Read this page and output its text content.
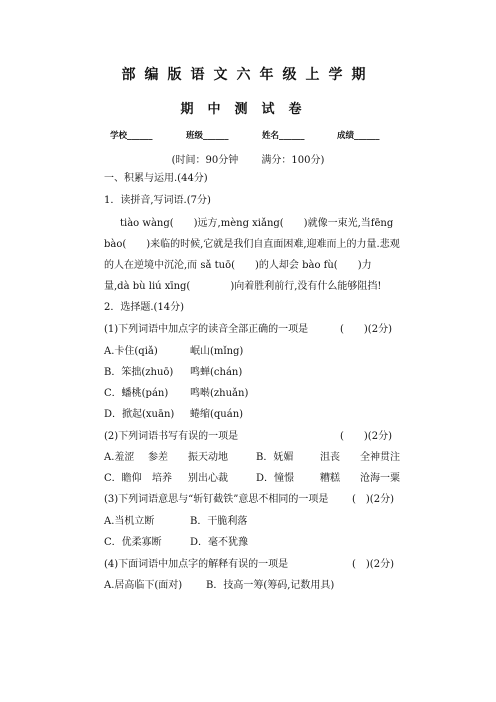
部编版语文六年级上学期
期中测试卷
学校______	班级______	姓名______	成绩______
(时间：90分钟 满分：100分)
一、积累与运用.(44分)
1．读拼音,写词语.(7分)
tiào wàng(　　)远方,mèng xiǎng(　　)就像一束光,当fēng
bào(　　)来临的时候,它就是我们自直面困难,迎难而上的力量.悲观
的人在逆境中沉沦,而 sǎ tuō(　　)的人却会 bào fù(　　)力
量,dà bù liú xīng(　　　　)向着胜利前行,没有什么能够阻挡!
2．选择题.(14分)
(1)下列词语中加点字的读音全部正确的一项是	(　　)(2分)
A.卡住(qiǎ)	岷山(mǐng)
B．笨拙(zhuō) 鸣蝉(chán)
C．蟠桃(pán) 鸣啭(zhuǎn)
D．掀起(xuān) 蜷缩(quán)
(2)下列词语书写有误的一项是	(　　)(2分)
A.羞涩 参差 振天动地	B．妩媚	沮丧 全神贯注
C．瞻仰 培养 别出心裁	D．憧憬	糟糕 沧海一粟
(3)下列词语意思与“斩钉截铁”意思不相同的一项是 (　)(2分)
A.当机立断	B．干脆利落
C．优柔寡断	D．毫不犹豫
(4)下面词语中加点字的解释有误的一项是	(　)(2分)
A.居高临下(面对) B．技高一筹(筹码,记数用具)
